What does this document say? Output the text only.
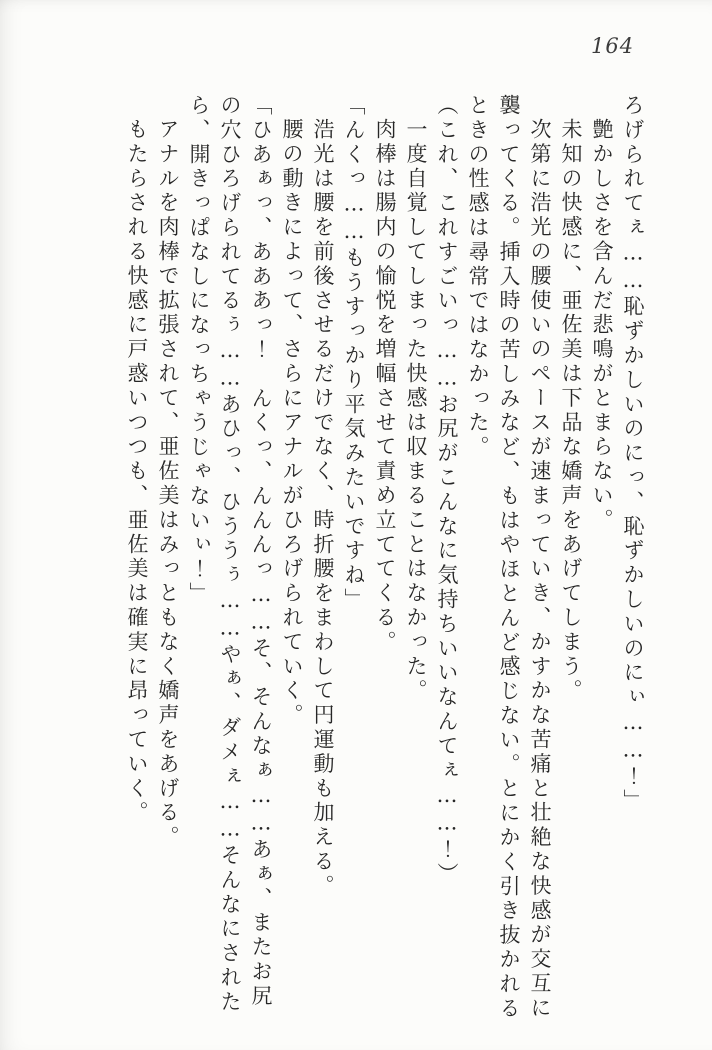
164

ろげられてぇ……恥ずかしいのにっ、恥ずかしいのにぃ……！」

艶かしさを含んだ悲鳴がとまらない。

未知の快感に、亜佐美は下品な嬌声をあげてしまう。

次第に浩光の腰使いのペースが速まっていき、かすかな苦痛と壮絶な快感が交互に襲ってくる。挿入時の苦しみなど、もはやほとんど感じない。とにかく引き抜かれるときの性感は尋常ではなかった。

（これ、これすごいっ……お尻がこんなに気持ちいいなんてぇ……！）

一度自覚してしまった快感は収まることはなかった。

肉棒は腸内の愉悦を増幅させて責め立ててくる。

「んくっ……もうすっかり平気みたいですね」

浩光は腰を前後させるだけでなく、時折腰をまわして円運動も加える。

腰の動きによって、さらにアナルがひろげられていく。

「ひあぁっ、あああっ！　んくっ、んんんっ……そ、そんなぁ……あぁ、またお尻の穴ひろげられてるぅ……あひっ、ひううぅ……やぁ、ダメぇ……そんなにされたら、開きっぱなしになっちゃうじゃないぃ！」

アナルを肉棒で拡張されて、亜佐美はみっともなく嬌声をあげる。

もたらされる快感に戸惑いつつも、亜佐美は確実に昂っていく。
